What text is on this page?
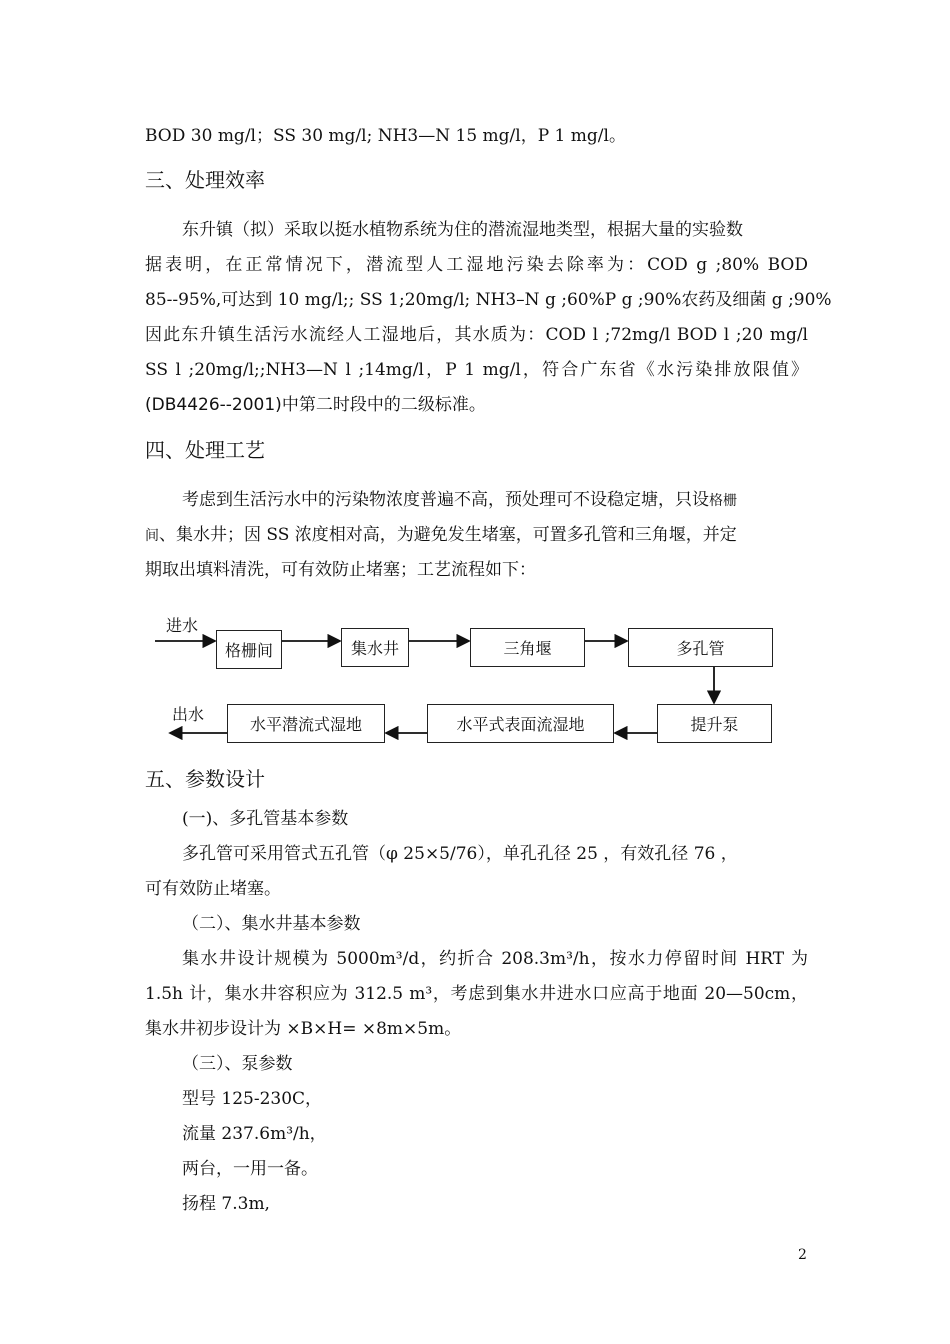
BOD 30 mg/l；SS 30 mg/l; NH3—N 15 mg/l，P 1 mg/l。
三、处理效率
东升镇（拟）采取以挺水植物系统为住的潜流湿地类型，根据大量的实验数
据表明，在正常情况下，潜流型人工湿地污染去除率为：COD g ;80% BOD
85--95%,可达到 10 mg/l;; SS 1;20mg/l; NH3–N g ;60%P g ;90%农药及细菌 g ;90%
因此东升镇生活污水流经人工湿地后，其水质为：COD l ;72mg/l BOD l ;20 mg/l
SS l ;20mg/l;;NH3—N l ;14mg/l，P 1 mg/l，符合广东省《水污染排放限值》
(DB4426--2001)中第二时段中的二级标准。
四、处理工艺
考虑到生活污水中的污染物浓度普遍不高，预处理可不设稳定塘，只设格栅
间、集水井；因 SS 浓度相对高，为避免发生堵塞，可置多孔管和三角堰，并定
期取出填料清洗，可有效防止堵塞；工艺流程如下：
进水
出水
格栅间	集水井	三角堰	多孔管
提升泵
水平式表面流湿地
水平潜流式湿地
五、参数设计
(一)、多孔管基本参数
多孔管可采用管式五孔管（φ 25×5/76），单孔孔径 25 ，有效孔径 76 ，
可有效防止堵塞。
（二）、集水井基本参数
集水井设计规模为 5000m³/d，约折合 208.3m³/h，按水力停留时间 HRT 为
1.5h 计，集水井容积应为 312.5 m³，考虑到集水井进水口应高于地面 20—50cm，
集水井初步设计为 ×B×H= ×8m×5m。
（三）、泵参数
型号 125-230C，
流量 237.6m³/h，
两台，一用一备。
扬程 7.3m,
2
